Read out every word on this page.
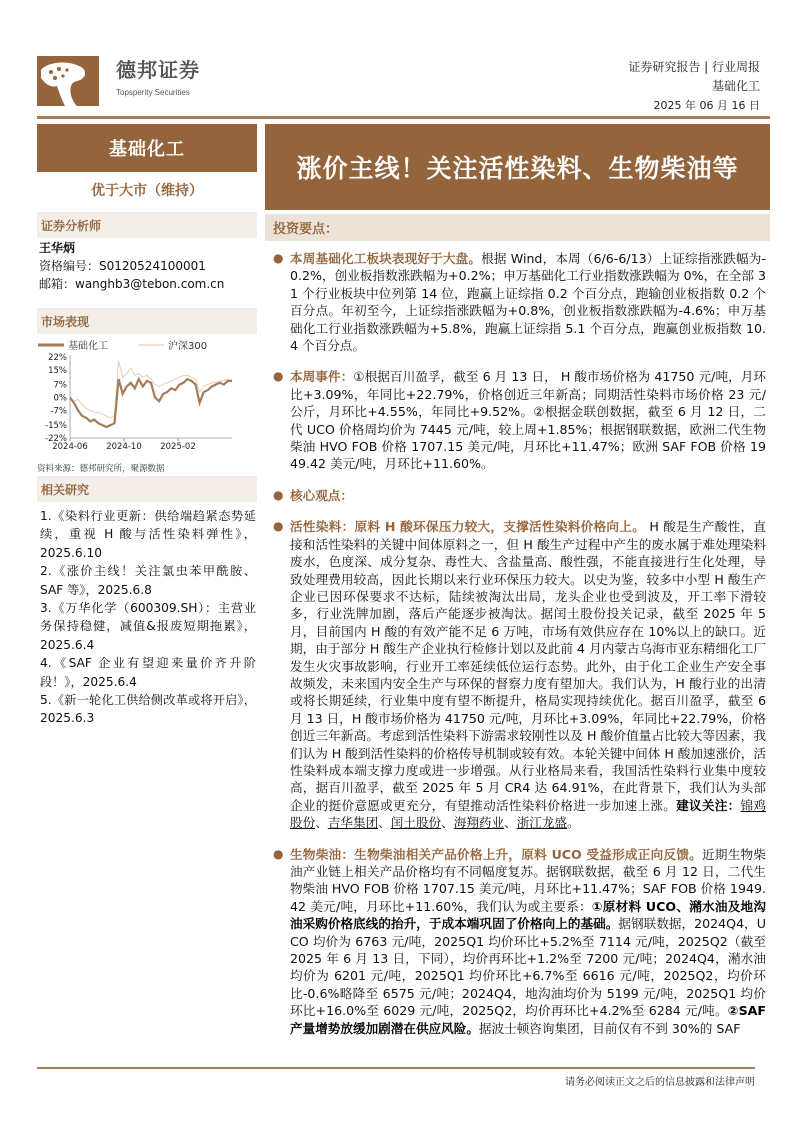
德邦证券
Topsperity Securities
证券研究报告 | 行业周报
基础化工
2025 年 06 月 16 日
基础化工
优于大市（维持）
证券分析师
王华炳
资格编号：S0120524100001
邮箱：wanghb3@tebon.com.cn
市场表现
基础化工	沪深300
22%
15%
7%
0%
-7%
-15%
-22%
2024-06 2024-10 2025-02
资料来源：德邦研究所，聚源数据
相关研究
1.《染料行业更新：供给端趋紧态势延续，重视 H 酸与活性染料弹性》，2025.6.10
2.《涨价主线！关注氯虫苯甲酰胺、SAF 等》，2025.6.8
3.《万华化学（600309.SH）：主营业务保持稳健，减值&报废短期拖累》，2025.6.4
4.《SAF 企业有望迎来量价齐升阶段！》，2025.6.4
5.《新一轮化工供给侧改革或将开启》，2025.6.3
涨价主线！关注活性染料、生物柴油等
投资要点：
● 本周基础化工板块表现好于大盘。根据 Wind，本周（6/6-6/13）上证综指涨跌幅为-0.2%，创业板指数涨跌幅为+0.2%；申万基础化工行业指数涨跌幅为 0%，在全部 31 个行业板块中位列第 14 位，跑赢上证综指 0.2 个百分点，跑输创业板指数 0.2 个百分点。年初至今，上证综指涨跌幅为+0.8%，创业板指数涨跌幅为-4.6%；申万基础化工行业指数涨跌幅为+5.8%，跑赢上证综指 5.1 个百分点，跑赢创业板指数 10.4 个百分点。
● 本周事件：①根据百川盈孚，截至 6 月 13 日， H 酸市场价格为 41750 元/吨，月环比+3.09%，年同比+22.79%，价格创近三年新高；同期活性染料市场价格 23 元/公斤，月环比+4.55%，年同比+9.52%。②根据金联创数据，截至 6 月 12 日，二代 UCO 价格周均价为 7445 元/吨，较上周+1.85%；根据钢联数据，欧洲二代生物柴油 HVO FOB 价格 1707.15 美元/吨，月环比+11.47%；欧洲 SAF FOB 价格 1949.42 美元/吨，月环比+11.60%。
● 核心观点：
● 活性染料：原料 H 酸环保压力较大，支撑活性染料价格向上。 H 酸是生产酸性，直接和活性染料的关键中间体原料之一，但 H 酸生产过程中产生的废水属于难处理染料废水，色度深、成分复杂、毒性大、含盐量高、酸性强，不能直接进行生化处理，导致处理费用较高，因此长期以来行业环保压力较大。以史为鉴，较多中小型 H 酸生产企业已因环保要求不达标，陆续被淘汰出局，龙头企业也受到波及，开工率下滑较多，行业洗牌加剧，落后产能逐步被淘汰。据闰土股份投关记录，截至 2025 年 5 月，目前国内 H 酸的有效产能不足 6 万吨，市场有效供应存在 10%以上的缺口。近期，由于部分 H 酸生产企业执行检修计划以及此前 4 月内蒙古乌海市亚东精细化工厂发生火灾事故影响，行业开工率延续低位运行态势。此外，由于化工企业生产安全事故频发，未来国内安全生产与环保的督察力度有望加大。我们认为，H 酸行业的出清或将长期延续，行业集中度有望不断提升，格局实现持续优化。据百川盈孚，截至 6 月 13 日，H 酸市场价格为 41750 元/吨，月环比+3.09%，年同比+22.79%，价格创近三年新高。考虑到活性染料下游需求较刚性以及 H 酸价值量占比较大等因素，我们认为 H 酸到活性染料的价格传导机制或较有效。本轮关键中间体 H 酸加速涨价，活性染料成本端支撑力度或进一步增强。从行业格局来看，我国活性染料行业集中度较高，据百川盈孚，截至 2025 年 5 月 CR4 达 64.91%，在此背景下，我们认为头部企业的挺价意愿或更充分，有望推动活性染料价格进一步加速上涨。建议关注：锦鸡股份、吉华集团、闰土股份、海翔药业、浙江龙盛。
● 生物柴油：生物柴油相关产品价格上升，原料 UCO 受益形成正向反馈。近期生物柴油产业链上相关产品价格均有不同幅度复苏。据钢联数据，截至 6 月 12 日，二代生物柴油 HVO FOB 价格 1707.15 美元/吨，月环比+11.47%；SAF FOB 价格 1949.42 美元/吨，月环比+11.60%，我们认为或主要系：①原材料 UCO、潲水油及地沟油采购价格底线的抬升，于成本端巩固了价格向上的基础。据钢联数据，2024Q4，UCO 均价为 6763 元/吨，2025Q1 均价环比+5.2%至 7114 元/吨，2025Q2（截至 2025 年 6 月 13 日，下同），均价再环比+1.2%至 7200 元/吨；2024Q4，潲水油均价为 6201 元/吨，2025Q1 均价环比+6.7%至 6616 元/吨，2025Q2，均价环比-0.6%略降至 6575 元/吨；2024Q4，地沟油均价为 5199 元/吨，2025Q1 均价环比+16.0%至 6029 元/吨，2025Q2，均价再环比+4.2%至 6284 元/吨。②SAF 产量增势放缓加剧潜在供应风险。据波士顿咨询集团，目前仅有不到 30%的 SAF
请务必阅读正文之后的信息披露和法律声明
